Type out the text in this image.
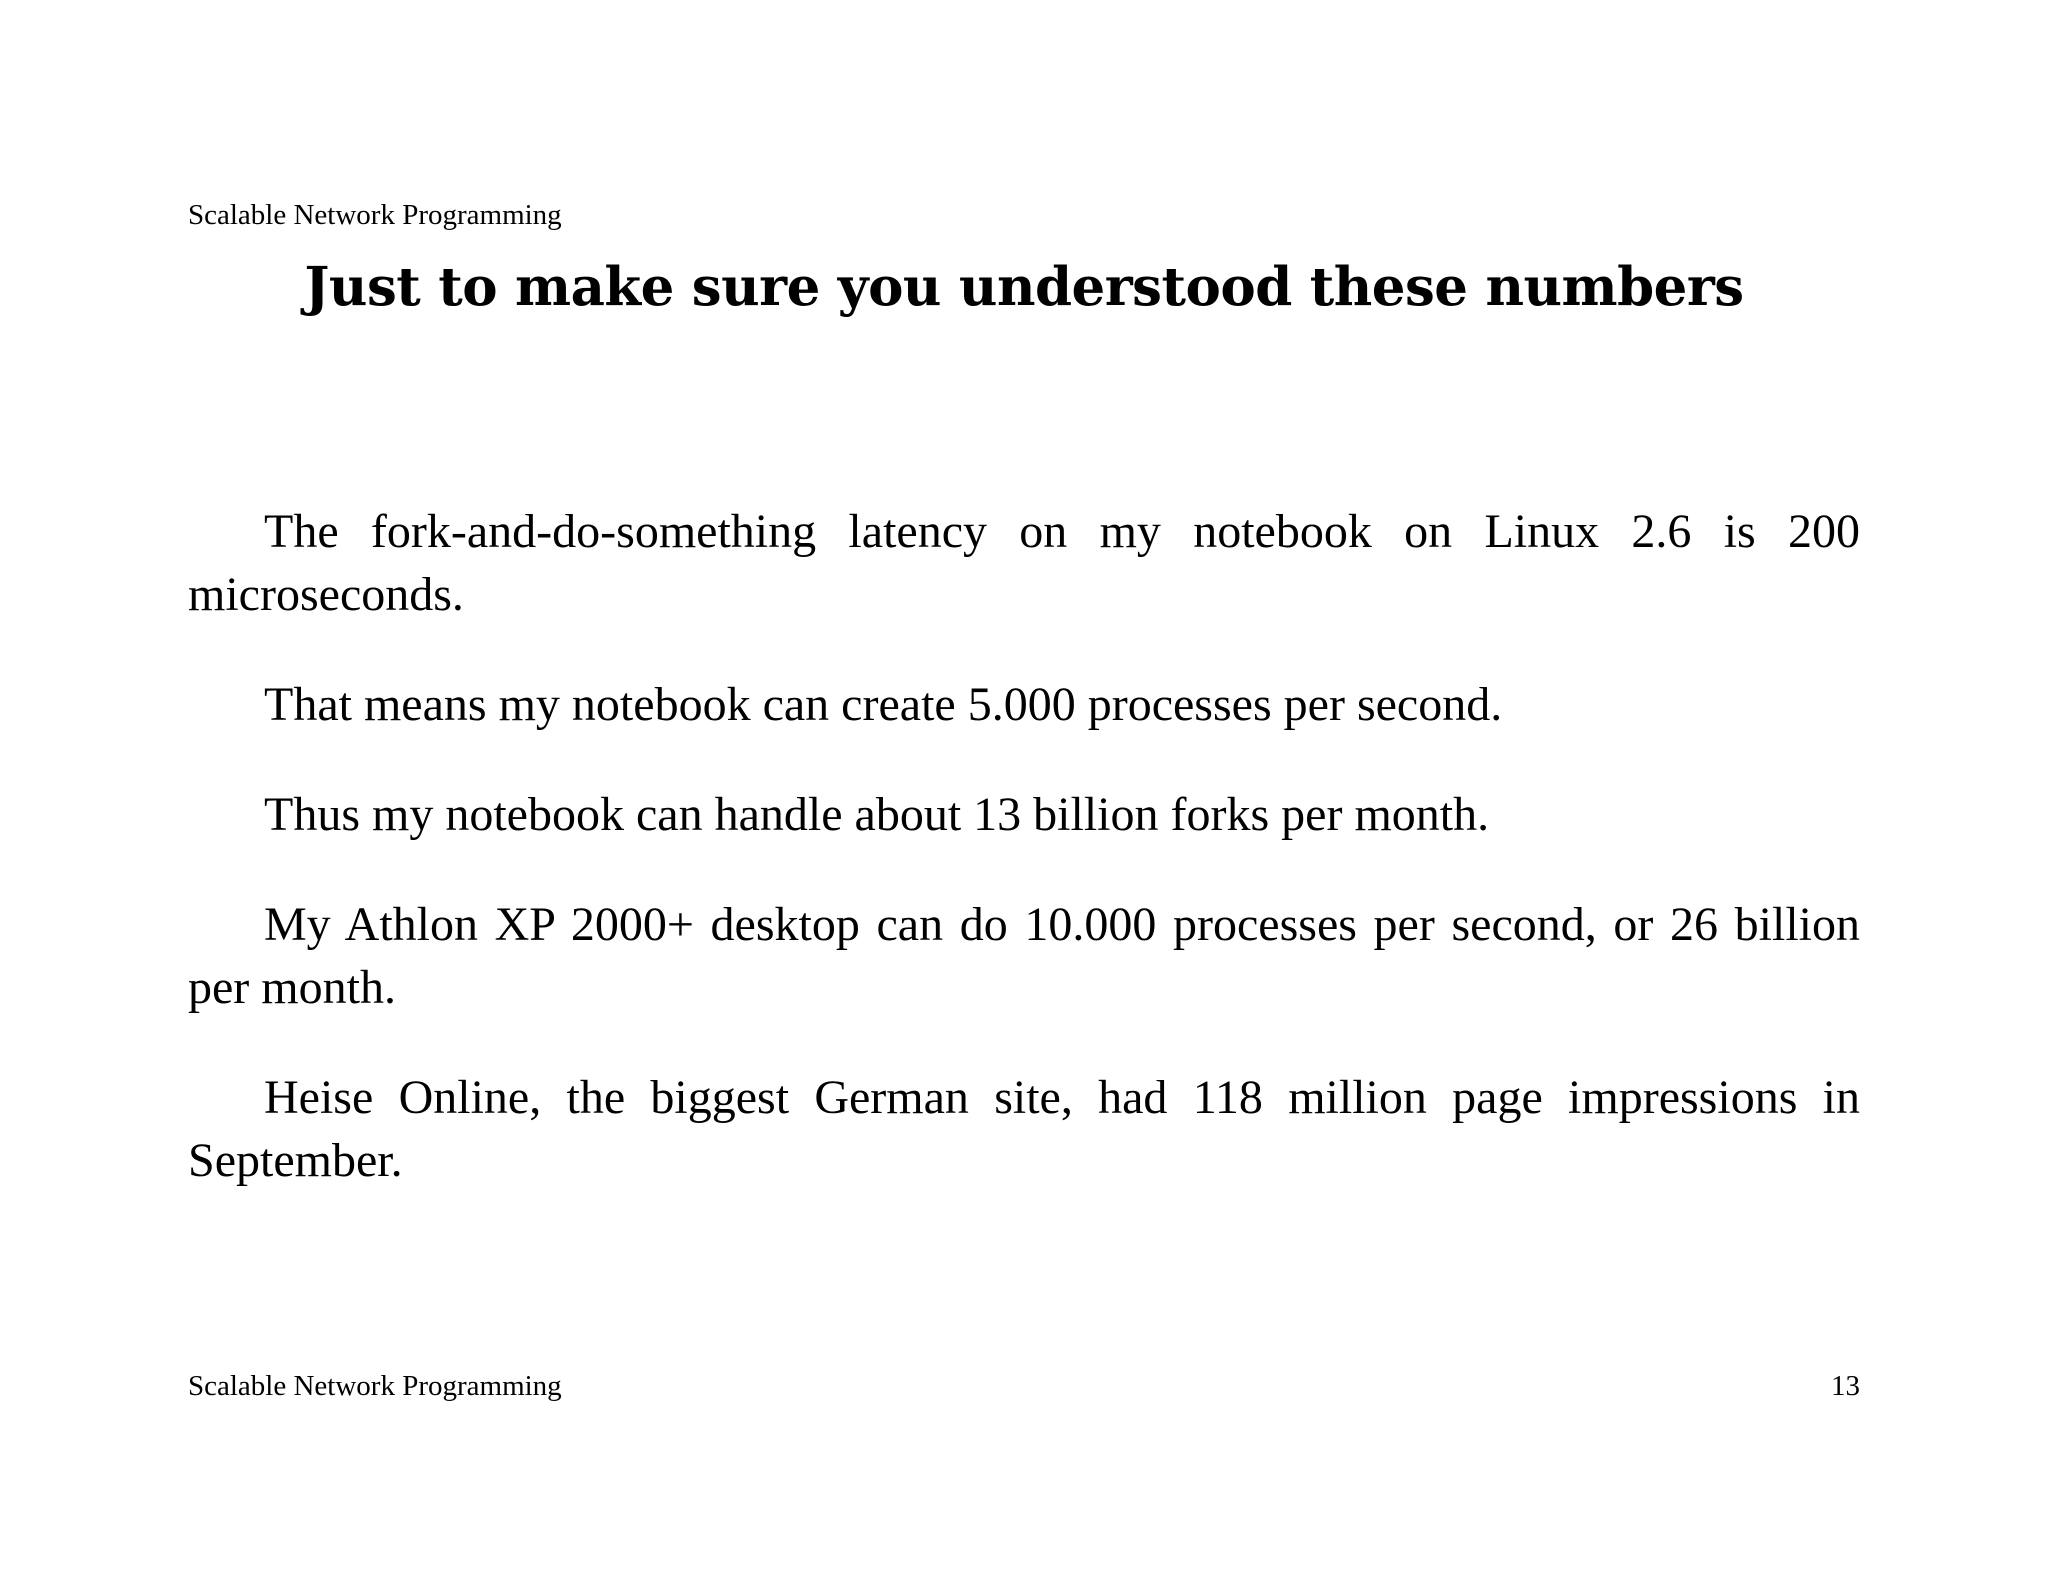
Scalable Network Programming
Just to make sure you understood these numbers

The fork-and-do-something latency on my notebook on Linux 2.6 is 200 microseconds.

That means my notebook can create 5.000 processes per second.

Thus my notebook can handle about 13 billion forks per month.

My Athlon XP 2000+ desktop can do 10.000 processes per second, or 26 billion per month.

Heise Online, the biggest German site, had 118 million page impressions in September.

Scalable Network Programming	13
